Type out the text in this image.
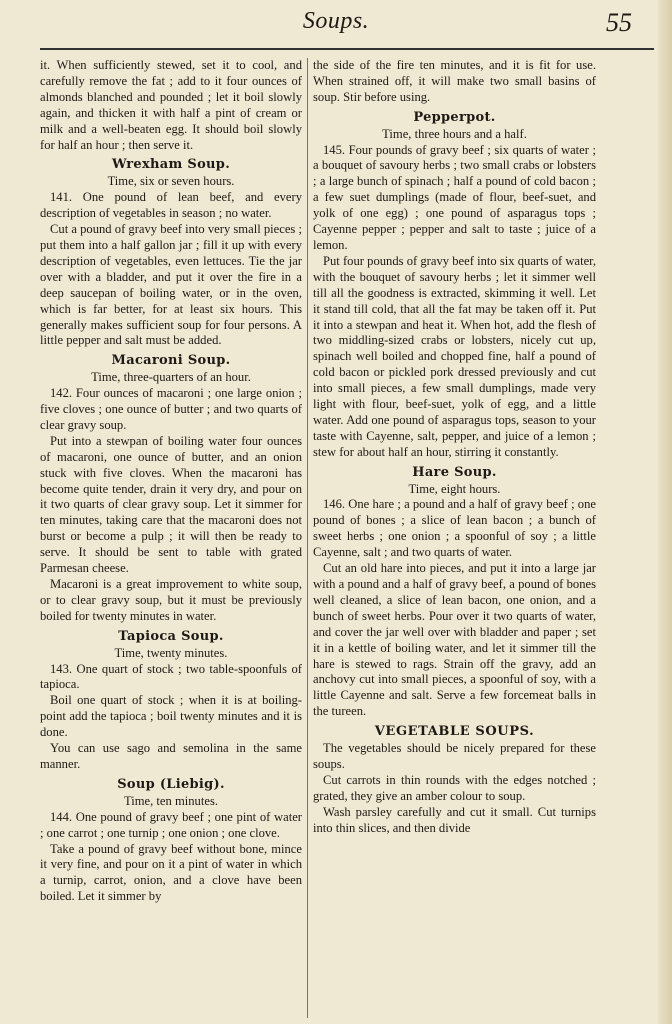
Soups.	55

it. When sufficiently stewed, set it to cool, and carefully remove the fat ; add to it four ounces of almonds blanched and pounded ; let it boil slowly again, and thicken it with half a pint of cream or milk and a well-beaten egg. It should boil slowly for half an hour ; then serve it.

Wrexham Soup.

Time, six or seven hours.

141. One pound of lean beef, and every description of vegetables in season ; no water.

Cut a pound of gravy beef into very small pieces ; put them into a half gallon jar ; fill it up with every description of vegetables, even lettuces. Tie the jar over with a bladder, and put it over the fire in a deep saucepan of boiling water, or in the oven, which is far better, for at least six hours. This generally makes sufficient soup for four persons. A little pepper and salt must be added.

Macaroni Soup.

Time, three-quarters of an hour.

142. Four ounces of macaroni ; one large onion ; five cloves ; one ounce of butter ; and two quarts of clear gravy soup.

Put into a stewpan of boiling water four ounces of macaroni, one ounce of butter, and an onion stuck with five cloves. When the macaroni has become quite tender, drain it very dry, and pour on it two quarts of clear gravy soup. Let it simmer for ten minutes, taking care that the macaroni does not burst or become a pulp ; it will then be ready to serve. It should be sent to table with grated Parmesan cheese.

Macaroni is a great improvement to white soup, or to clear gravy soup, but it must be previously boiled for twenty minutes in water.

Tapioca Soup.

Time, twenty minutes.

143. One quart of stock ; two table-spoonfuls of tapioca.

Boil one quart of stock ; when it is at boiling-point add the tapioca ; boil twenty minutes and it is done.

You can use sago and semolina in the same manner.

Soup (Liebig).

Time, ten minutes.

144. One pound of gravy beef ; one pint of water ; one carrot ; one turnip ; one onion ; one clove.

Take a pound of gravy beef without bone, mince it very fine, and pour on it a pint of water in which a turnip, carrot, onion, and a clove have been boiled. Let it simmer by

the side of the fire ten minutes, and it is fit for use. When strained off, it will make two small basins of soup. Stir before using.

Pepperpot.

Time, three hours and a half.

145. Four pounds of gravy beef ; six quarts of water ; a bouquet of savoury herbs ; two small crabs or lobsters ; a large bunch of spinach ; half a pound of cold bacon ; a few suet dumplings (made of flour, beef-suet, and yolk of one egg) ; one pound of asparagus tops ; Cayenne pepper ; pepper and salt to taste ; juice of a lemon.

Put four pounds of gravy beef into six quarts of water, with the bouquet of savoury herbs ; let it simmer well till all the goodness is extracted, skimming it well. Let it stand till cold, that all the fat may be taken off it. Put it into a stewpan and heat it. When hot, add the flesh of two middling-sized crabs or lobsters, nicely cut up, spinach well boiled and chopped fine, half a pound of cold bacon or pickled pork dressed previously and cut into small pieces, a few small dumplings, made very light with flour, beef-suet, yolk of egg, and a little water. Add one pound of asparagus tops, season to your taste with Cayenne, salt, pepper, and juice of a lemon ; stew for about half an hour, stirring it constantly.

Hare Soup.

Time, eight hours.

146. One hare ; a pound and a half of gravy beef ; one pound of bones ; a slice of lean bacon ; a bunch of sweet herbs ; one onion ; a spoonful of soy ; a little Cayenne, salt ; and two quarts of water.

Cut an old hare into pieces, and put it into a large jar with a pound and a half of gravy beef, a pound of bones well cleaned, a slice of lean bacon, one onion, and a bunch of sweet herbs. Pour over it two quarts of water, and cover the jar well over with bladder and paper ; set it in a kettle of boiling water, and let it simmer till the hare is stewed to rags. Strain off the gravy, add an anchovy cut into small pieces, a spoonful of soy, with a little Cayenne and salt. Serve a few forcemeat balls in the tureen.

VEGETABLE SOUPS.

The vegetables should be nicely prepared for these soups.

Cut carrots in thin rounds with the edges notched ; grated, they give an amber colour to soup.

Wash parsley carefully and cut it small. Cut turnips into thin slices, and then divide
